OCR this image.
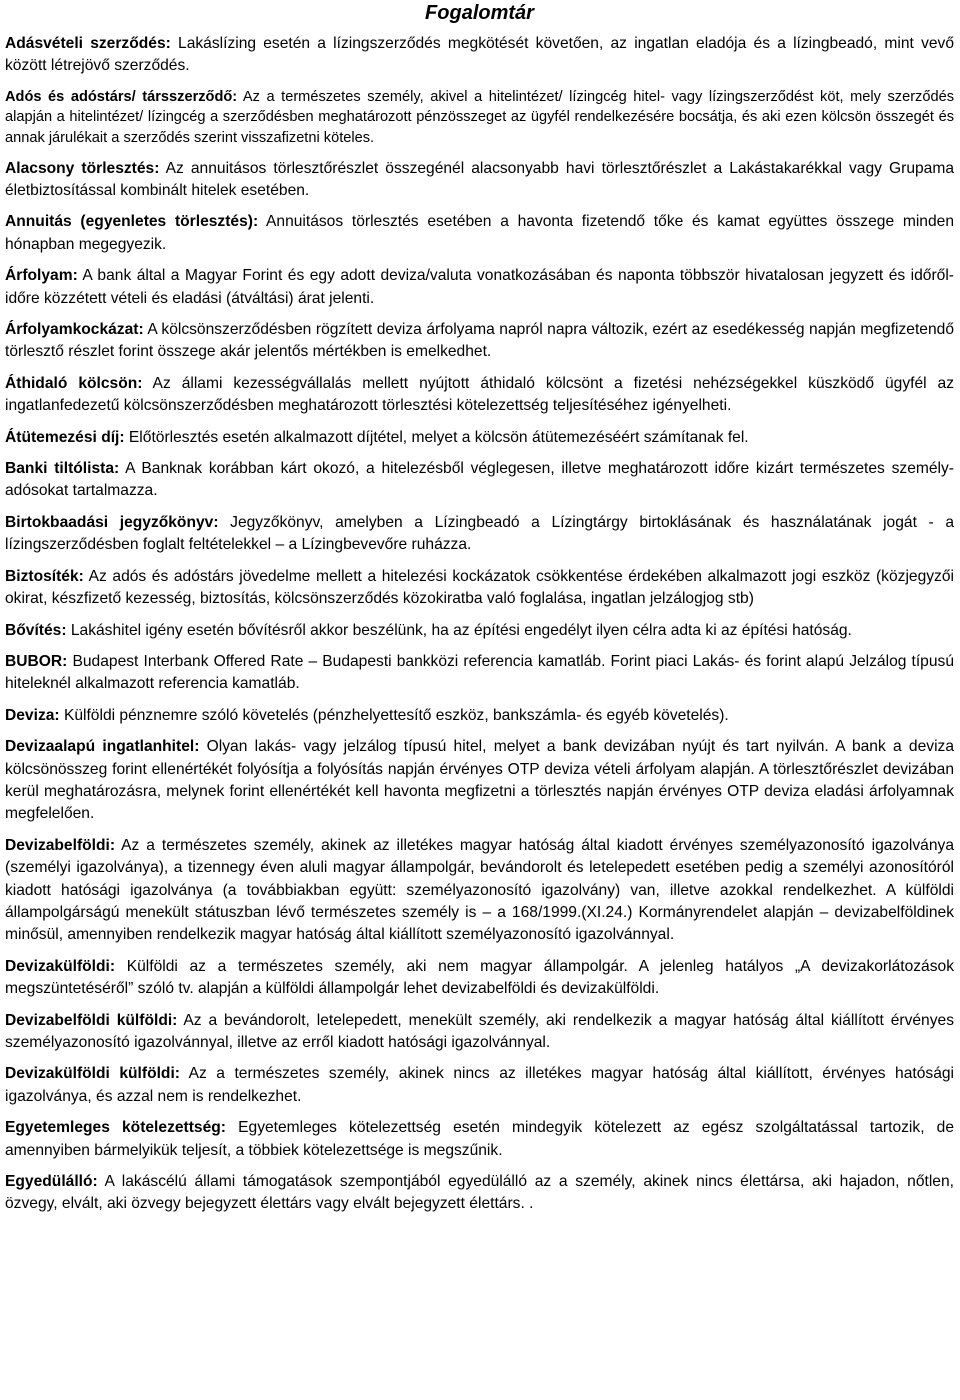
Fogalomtár

Adásvételi szerződés: Lakáslízing esetén a lízingszerződés megkötését követően, az ingatlan eladója és a lízingbeadó, mint vevő között létrejövő szerződés.

Adós és adóstárs/ társszerződő: Az a természetes személy, akivel a hitelintézet/ lízingcég hitel- vagy lízingszerződést köt, mely szerződés alapján a hitelintézet/ lízingcég a szerződésben meghatározott pénzösszeget az ügyfél rendelkezésére bocsátja, és aki ezen kölcsön összegét és annak járulékait a szerződés szerint visszafizetni köteles.

Alacsony törlesztés: Az annuitásos törlesztőrészlet összegénél alacsonyabb havi törlesztőrészlet a Lakástakarékkal vagy Grupama életbiztosítással kombinált hitelek esetében.

Annuitás (egyenletes törlesztés): Annuitásos törlesztés esetében a havonta fizetendő tőke és kamat együttes összege minden hónapban megegyezik.

Árfolyam: A bank által a Magyar Forint és egy adott deviza/valuta vonatkozásában és naponta többször hivatalosan jegyzett és időről-időre közzétett vételi és eladási (átváltási) árat jelenti.

Árfolyamkockázat: A kölcsönszerződésben rögzített deviza árfolyama napról napra változik, ezért az esedékesség napján megfizetendő törlesztő részlet forint összege akár jelentős mértékben is emelkedhet.

Áthidaló kölcsön: Az állami kezességvállalás mellett nyújtott áthidaló kölcsönt a fizetési nehézségekkel küszködő ügyfél az ingatlanfedezetű kölcsönszerződésben meghatározott törlesztési kötelezettség teljesítéséhez igényelheti.

Átütemezési díj: Előtörlesztés esetén alkalmazott díjtétel, melyet a kölcsön átütemezéséért számítanak fel.

Banki tiltólista: A Banknak korábban kárt okozó, a hitelezésből véglegesen, illetve meghatározott időre kizárt természetes személy-adósokat tartalmazza.

Birtokbaadási jegyzőkönyv: Jegyzőkönyv, amelyben a Lízingbeadó a Lízingtárgy birtoklásának és használatának jogát - a lízingszerződésben foglalt feltételekkel – a Lízingbevevőre ruházza.

Biztosíték: Az adós és adóstárs jövedelme mellett a hitelezési kockázatok csökkentése érdekében alkalmazott jogi eszköz (közjegyzői okirat, készfizető kezesség, biztosítás, kölcsönszerződés közokiratba való foglalása, ingatlan jelzálogjog stb)

Bővítés: Lakáshitel igény esetén bővítésről akkor beszélünk, ha az építési engedélyt ilyen célra adta ki az építési hatóság.

BUBOR: Budapest Interbank Offered Rate – Budapesti bankközi referencia kamatláb. Forint piaci Lakás- és forint alapú Jelzálog típusú hiteleknél alkalmazott referencia kamatláb.

Deviza: Külföldi pénznemre szóló követelés (pénzhelyettesítő eszköz, bankszámla- és egyéb követelés).

Devizaalapú ingatlanhitel: Olyan lakás- vagy jelzálog típusú hitel, melyet a bank devizában nyújt és tart nyilván. A bank a deviza kölcsönösszeg forint ellenértékét folyósítja a folyósítás napján érvényes OTP deviza vételi árfolyam alapján. A törlesztőrészlet devizában kerül meghatározásra, melynek forint ellenértékét kell havonta megfizetni a törlesztés napján érvényes OTP deviza eladási árfolyamnak megfelelően.

Devizabelföldi: Az a természetes személy, akinek az illetékes magyar hatóság által kiadott érvényes személyazonosító igazolványa (személyi igazolványa), a tizennegy éven aluli magyar állampolgár, bevándorolt és letelepedett esetében pedig a személyi azonosítóról kiadott hatósági igazolványa (a továbbiakban együtt: személyazonosító igazolvány) van, illetve azokkal rendelkezhet. A külföldi állampolgárságú menekült státuszban lévő természetes személy is – a 168/1999.(XI.24.) Kormányrendelet alapján – devizabelföldinek minősül, amennyiben rendelkezik magyar hatóság által kiállított személyazonosító igazolvánnyal.

Devizakülföldi: Külföldi az a természetes személy, aki nem magyar állampolgár. A jelenleg hatályos „A devizakorlátozások megszüntetéséről” szóló tv. alapján a külföldi állampolgár lehet devizabelföldi és devizakülföldi.

Devizabelföldi külföldi: Az a bevándorolt, letelepedett, menekült személy, aki rendelkezik a magyar hatóság által kiállított érvényes személyazonosító igazolvánnyal, illetve az erről kiadott hatósági igazolvánnyal.

Devizakülföldi külföldi: Az a természetes személy, akinek nincs az illetékes magyar hatóság által kiállított, érvényes hatósági igazolványa, és azzal nem is rendelkezhet.

Egyetemleges kötelezettség: Egyetemleges kötelezettség esetén mindegyik kötelezett az egész szolgáltatással tartozik, de amennyiben bármelyikük teljesít, a többiek kötelezettsége is megszűnik.

Egyedülálló: A lakáscélú állami támogatások szempontjából egyedülálló az a személy, akinek nincs élettársa, aki hajadon, nőtlen, özvegy, elvált, aki özvegy bejegyzett élettárs vagy elvált bejegyzett élettárs. .
